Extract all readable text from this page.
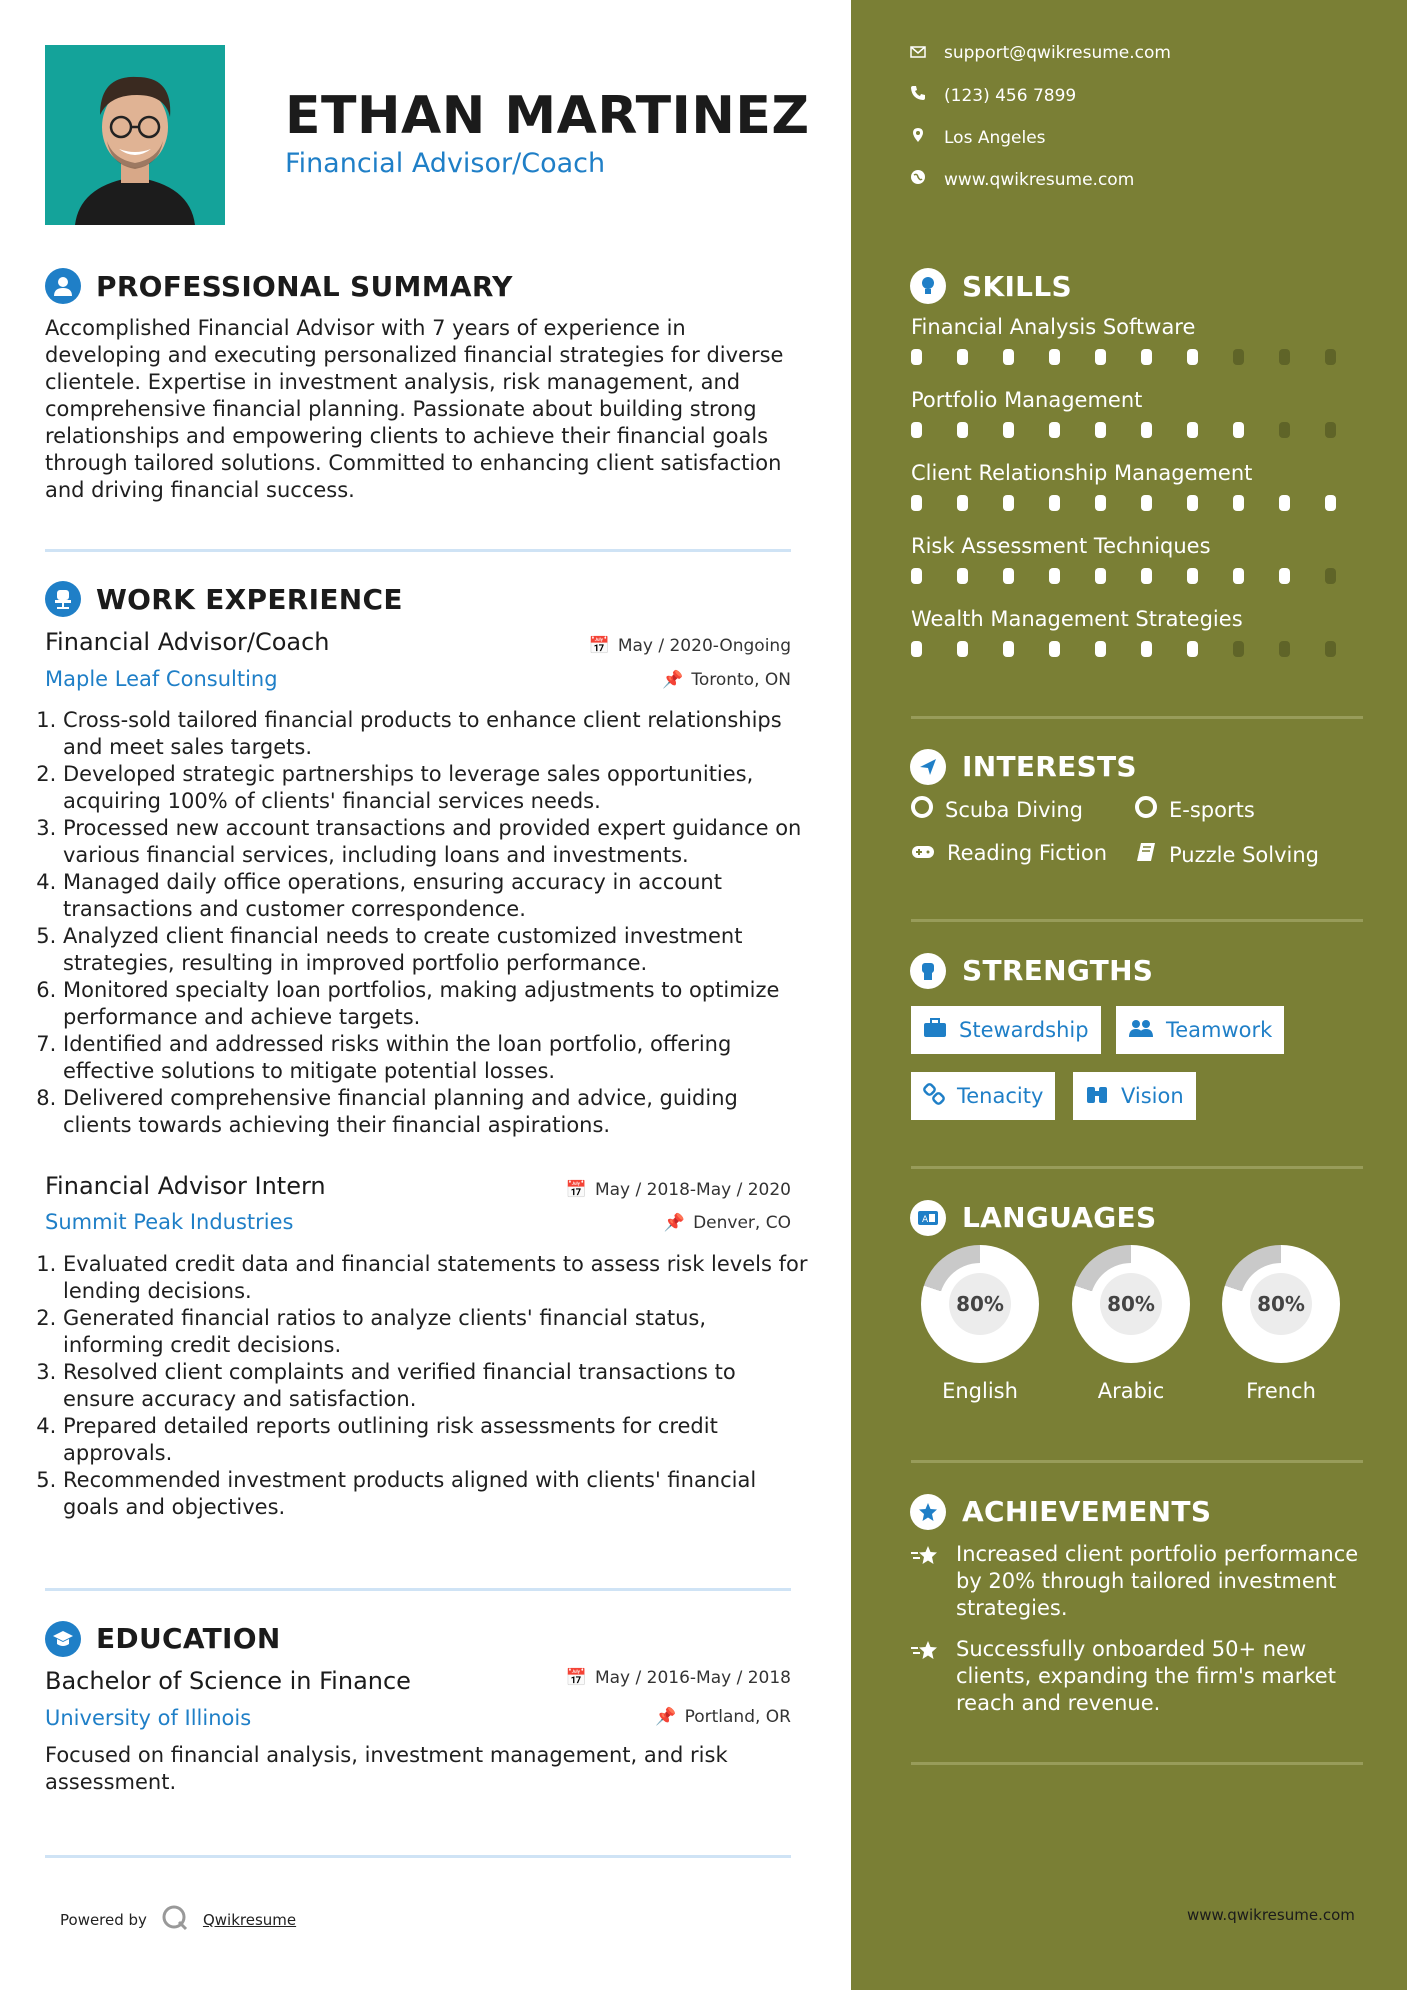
ETHAN MARTINEZ
Financial Advisor/Coach
PROFESSIONAL SUMMARY
Accomplished Financial Advisor with 7 years of experience in developing and executing personalized financial strategies for diverse clientele. Expertise in investment analysis, risk management, and comprehensive financial planning. Passionate about building strong relationships and empowering clients to achieve their financial goals through tailored solutions. Committed to enhancing client satisfaction and driving financial success.
WORK EXPERIENCE
Financial Advisor/Coach	📅 May / 2020-Ongoing
Maple Leaf Consulting	📌 Toronto, ON
1. Cross-sold tailored financial products to enhance client relationships and meet sales targets.
2. Developed strategic partnerships to leverage sales opportunities, acquiring 100% of clients' financial services needs.
3. Processed new account transactions and provided expert guidance on various financial services, including loans and investments.
4. Managed daily office operations, ensuring accuracy in account transactions and customer correspondence.
5. Analyzed client financial needs to create customized investment strategies, resulting in improved portfolio performance.
6. Monitored specialty loan portfolios, making adjustments to optimize performance and achieve targets.
7. Identified and addressed risks within the loan portfolio, offering effective solutions to mitigate potential losses.
8. Delivered comprehensive financial planning and advice, guiding clients towards achieving their financial aspirations.
Financial Advisor Intern	📅 May / 2018-May / 2020
Summit Peak Industries	📌 Denver, CO
1. Evaluated credit data and financial statements to assess risk levels for lending decisions.
2. Generated financial ratios to analyze clients' financial status, informing credit decisions.
3. Resolved client complaints and verified financial transactions to ensure accuracy and satisfaction.
4. Prepared detailed reports outlining risk assessments for credit approvals.
5. Recommended investment products aligned with clients' financial goals and objectives.
EDUCATION
Bachelor of Science in Finance	📅 May / 2016-May / 2018
University of Illinois	📌 Portland, OR
Focused on financial analysis, investment management, and risk assessment.
Powered by	Qwikresume
support@qwikresume.com
(123) 456 7899
Los Angeles
www.qwikresume.com
SKILLS
Financial Analysis Software
Portfolio Management
Client Relationship Management
Risk Assessment Techniques
Wealth Management Strategies
INTERESTS
Scuba Diving	E-sports
Reading Fiction	Puzzle Solving
STRENGTHS
Stewardship	Teamwork
Tenacity	Vision
A LANGUAGES
80%
English
80%
Arabic
80%
French
ACHIEVEMENTS
Increased client portfolio performance by 20% through tailored investment strategies.
Successfully onboarded 50+ new clients, expanding the firm's market reach and revenue.
www.qwikresume.com
